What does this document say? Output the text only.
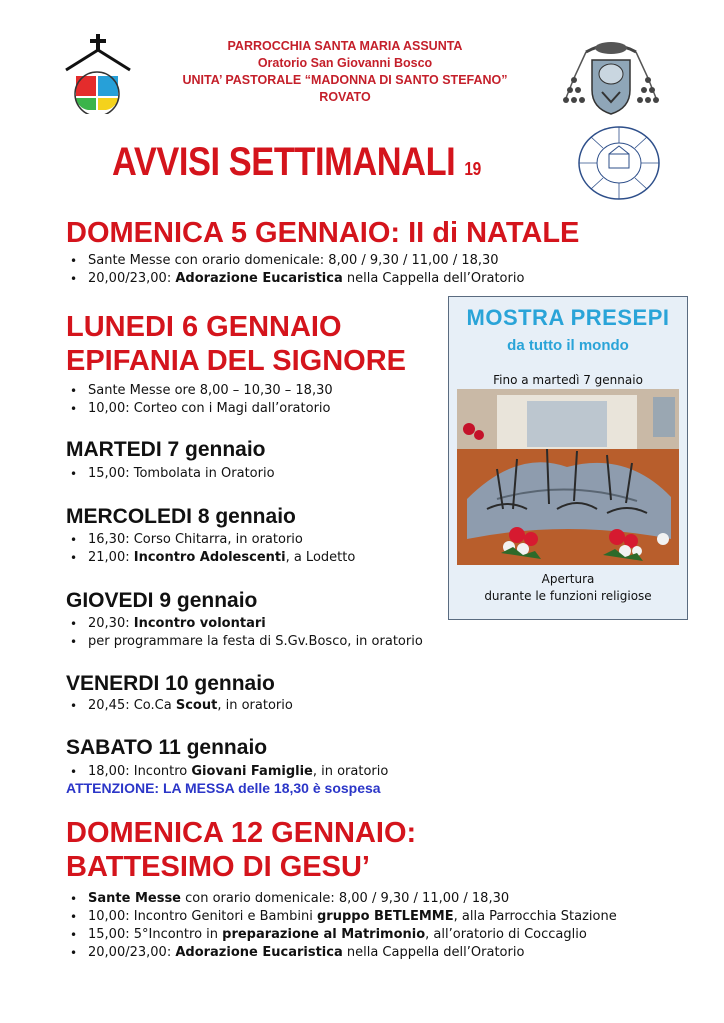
PARROCCHIA SANTA MARIA ASSUNTA
Oratorio San Giovanni Bosco
UNITA’ PASTORALE “MADONNA DI SANTO STEFANO”
ROVATO
AVVISI SETTIMANALI 19
DOMENICA 5 GENNAIO: II di NATALE
• Sante Messe con orario domenicale: 8,00 / 9,30 / 11,00 / 18,30
• 20,00/23,00: Adorazione Eucaristica nella Cappella dell’Oratorio
LUNEDI 6 GENNAIO
EPIFANIA DEL SIGNORE
• Sante Messe ore 8,00 – 10,30 – 18,30
• 10,00: Corteo con i Magi dall’oratorio
MARTEDI 7 gennaio
• 15,00: Tombolata in Oratorio
MERCOLEDI 8 gennaio
• 16,30: Corso Chitarra, in oratorio
• 21,00: Incontro Adolescenti, a Lodetto
GIOVEDI 9 gennaio
• 20,30: Incontro volontari
• per programmare la festa di S.Gv.Bosco, in oratorio
VENERDI 10 gennaio
• 20,45: Co.Ca Scout, in oratorio
SABATO 11 gennaio
• 18,00: Incontro Giovani Famiglie, in oratorio
ATTENZIONE: LA MESSA delle 18,30 è sospesa
DOMENICA 12 GENNAIO:
BATTESIMO DI GESU’
• Sante Messe con orario domenicale: 8,00 / 9,30 / 11,00 / 18,30
• 10,00: Incontro Genitori e Bambini gruppo BETLEMME, alla Parrocchia Stazione
• 15,00: 5°Incontro in preparazione al Matrimonio, all’oratorio di Coccaglio
• 20,00/23,00: Adorazione Eucaristica nella Cappella dell’Oratorio
MOSTRA PRESEPI
da tutto il mondo
Fino a martedì 7 gennaio
Apertura
durante le funzioni religiose
